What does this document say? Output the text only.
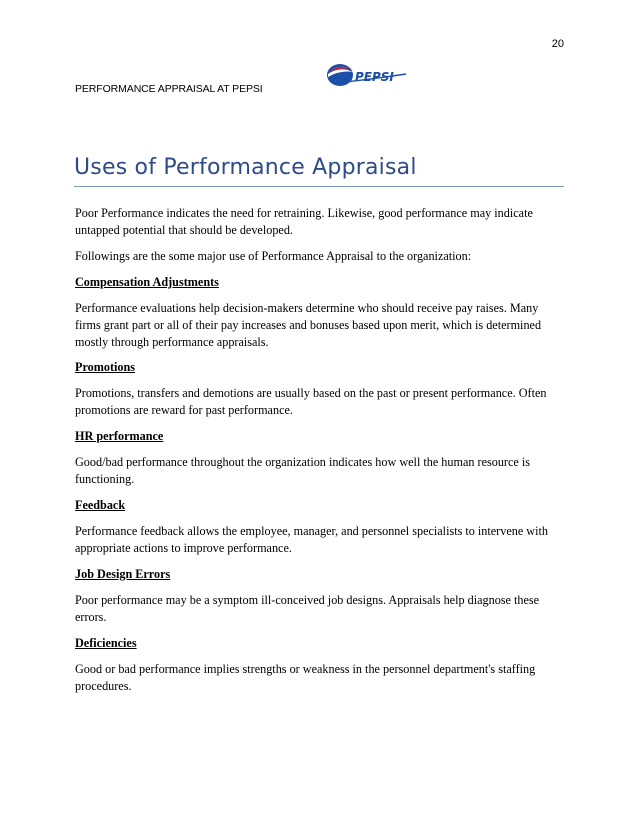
20
PERFORMANCE APPRAISAL AT PEPSI
PEPSI
Uses of Performance Appraisal

Poor Performance indicates the need for retraining. Likewise, good performance may indicate untapped potential that should be developed.

Followings are the some major use of Performance Appraisal to the organization:

Compensation Adjustments

Performance evaluations help decision-makers determine who should receive pay raises. Many firms grant part or all of their pay increases and bonuses based upon merit, which is determined mostly through performance appraisals.

Promotions

Promotions, transfers and demotions are usually based on the past or present performance. Often promotions are reward for past performance.

HR performance

Good/bad performance throughout the organization indicates how well the human resource is functioning.

Feedback

Performance feedback allows the employee, manager, and personnel specialists to intervene with appropriate actions to improve performance.

Job Design Errors

Poor performance may be a symptom ill-conceived job designs. Appraisals help diagnose these errors.

Deficiencies

Good or bad performance implies strengths or weakness in the personnel department's staffing procedures.
